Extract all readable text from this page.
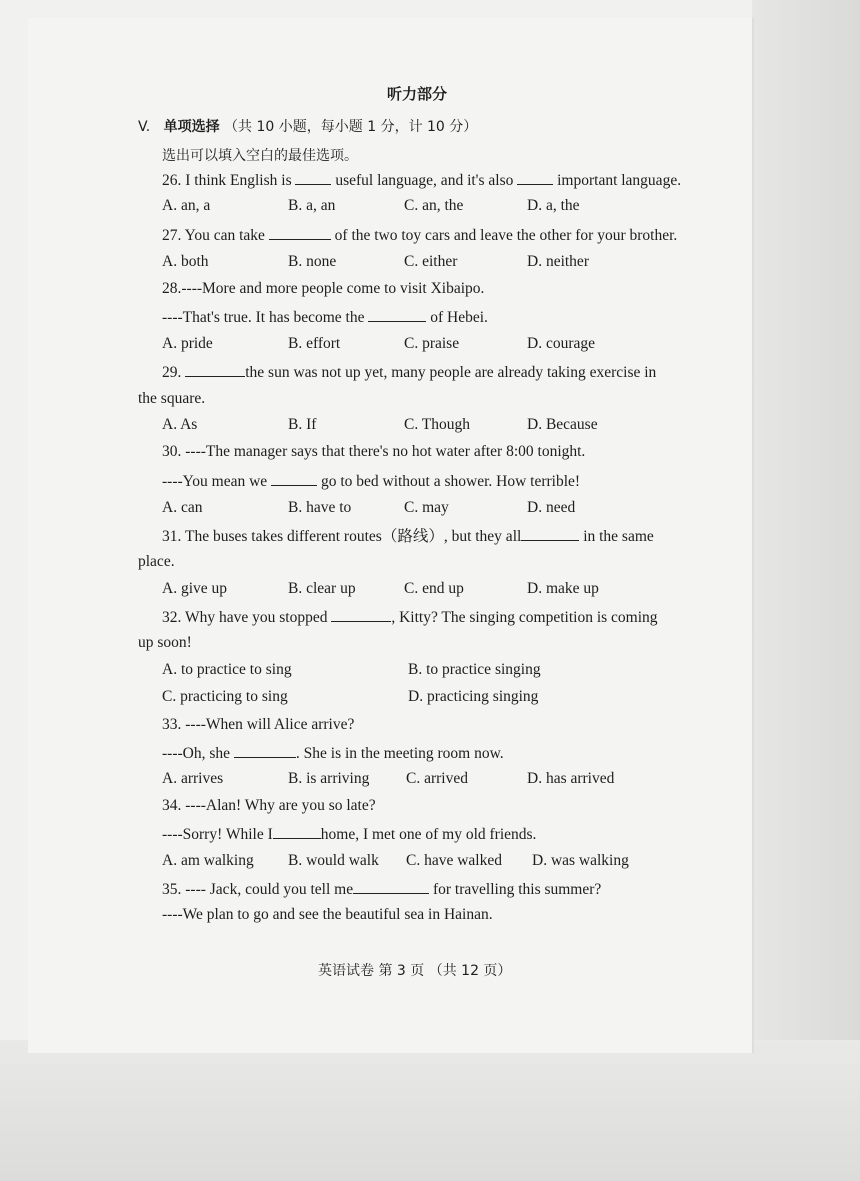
听力部分
V. 单项选择 （共 10 小题，每小题 1 分，计 10 分）
选出可以填入空白的最佳选项。
26. I think English is	useful language, and it's also	important language.
A. an, a	B. a, an	C. an, the	D. a, the
27. You can take	of the two toy cars and leave the other for your brother.
A. both	B. none	C. either	D. neither
28.----More and more people come to visit Xibaipo.
----That's true. It has become the	of Hebei.
A. pride	B. effort	C. praise	D. courage
29.	the sun was not up yet, many people are already taking exercise in
the square.
A. As	B. If	C. Though	D. Because
30. ----The manager says that there's no hot water after 8:00 tonight.
----You mean we	go to bed without a shower. How terrible!
A. can	B. have to	C. may	D. need
31. The buses takes different routes（路线）, but they all	in the same
place.
A. give up	B. clear up	C. end up	D. make up
32. Why have you stopped	, Kitty? The singing competition is coming
up soon!
A. to practice to sing	B. to practice singing
C. practicing to sing	D. practicing singing
33. ----When will Alice arrive?
----Oh, she	. She is in the meeting room now.
A. arrives	B. is arriving C. arrived	D. has arrived
34. ----Alan! Why are you so late?
----Sorry! While I	home, I met one of my old friends.
A. am walking B. would walk C. have walked D. was walking
35. ---- Jack, could you tell me	for travelling this summer?
----We plan to go and see the beautiful sea in Hainan.
英语试卷 第 3 页 （共 12 页）
